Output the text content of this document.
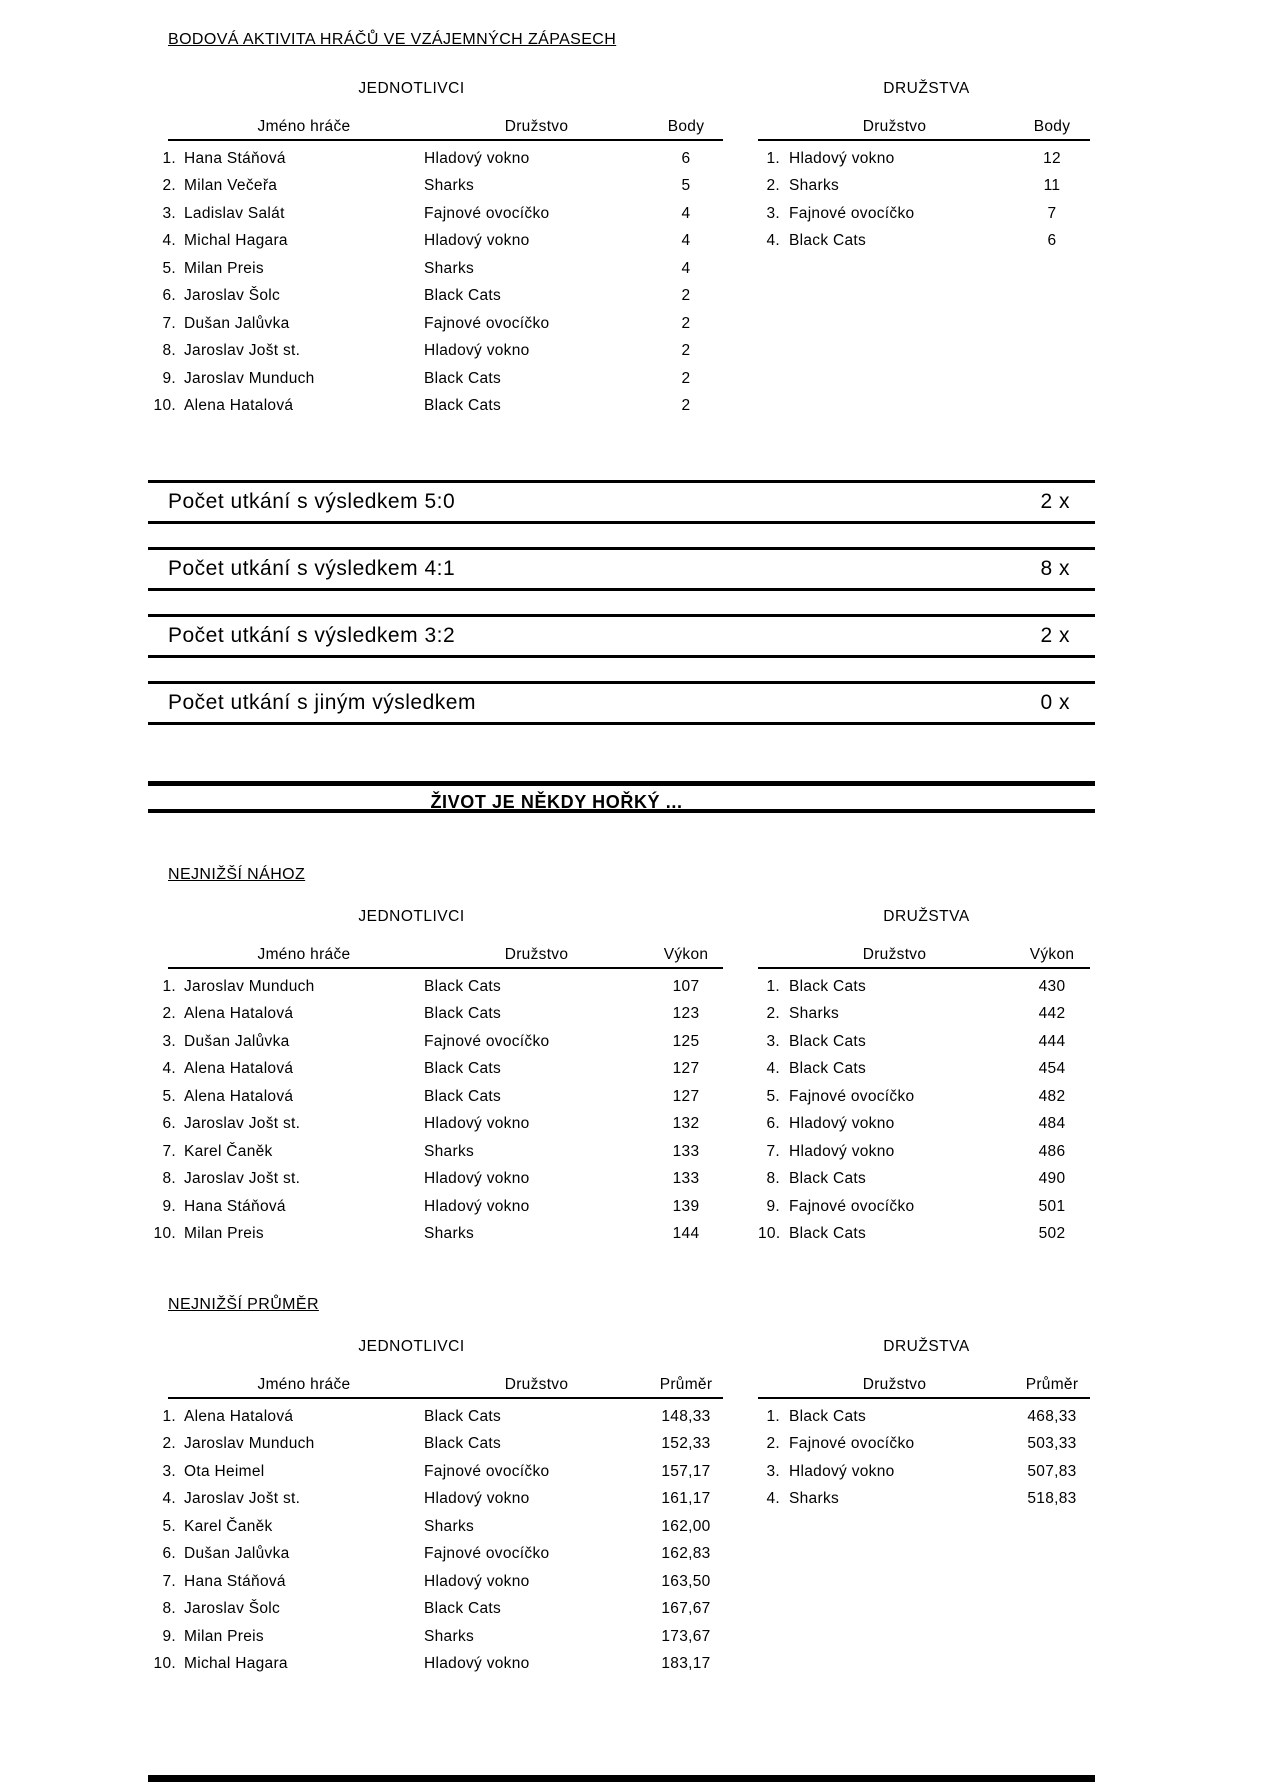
BODOVÁ AKTIVITA HRÁČŮ VE VZÁJEMNÝCH ZÁPASECH
JEDNOTLIVCI	DRUŽSTVA
Jméno hráče	Družstvo	Body
1. Hana Stáňová	Hladový vokno	6
2. Milan Večeřa	Sharks	5
3. Ladislav Salát	Fajnové ovocíčko	4
4. Michal Hagara	Hladový vokno	4
5. Milan Preis	Sharks	4
6. Jaroslav Šolc	Black Cats	2
7. Dušan Jalůvka	Fajnové ovocíčko	2
8. Jaroslav Jošt st.	Hladový vokno	2
9. Jaroslav Munduch	Black Cats	2
10. Alena Hatalová	Black Cats	2
Družstvo	Body
1. Hladový vokno	12
2. Sharks	11
3. Fajnové ovocíčko	7
4. Black Cats	6
Počet utkání s výsledkem 5:0	2 x
Počet utkání s výsledkem 4:1	8 x
Počet utkání s výsledkem 3:2	2 x
Počet utkání s jiným výsledkem	0 x
ŽIVOT JE NĚKDY HOŘKÝ ...
NEJNIŽŠÍ NÁHOZ
JEDNOTLIVCI	DRUŽSTVA
Jméno hráče	Družstvo	Výkon
1. Jaroslav Munduch	Black Cats	107
2. Alena Hatalová	Black Cats	123
3. Dušan Jalůvka	Fajnové ovocíčko	125
4. Alena Hatalová	Black Cats	127
5. Alena Hatalová	Black Cats	127
6. Jaroslav Jošt st.	Hladový vokno	132
7. Karel Čaněk	Sharks	133
8. Jaroslav Jošt st.	Hladový vokno	133
9. Hana Stáňová	Hladový vokno	139
10. Milan Preis	Sharks	144
Družstvo	Výkon
1. Black Cats	430
2. Sharks	442
3. Black Cats	444
4. Black Cats	454
5. Fajnové ovocíčko	482
6. Hladový vokno	484
7. Hladový vokno	486
8. Black Cats	490
9. Fajnové ovocíčko	501
10. Black Cats	502
NEJNIŽŠÍ PRŮMĚR
JEDNOTLIVCI	DRUŽSTVA
Jméno hráče	Družstvo	Průměr
1. Alena Hatalová	Black Cats	148,33
2. Jaroslav Munduch	Black Cats	152,33
3. Ota Heimel	Fajnové ovocíčko	157,17
4. Jaroslav Jošt st.	Hladový vokno	161,17
5. Karel Čaněk	Sharks	162,00
6. Dušan Jalůvka	Fajnové ovocíčko	162,83
7. Hana Stáňová	Hladový vokno	163,50
8. Jaroslav Šolc	Black Cats	167,67
9. Milan Preis	Sharks	173,67
10. Michal Hagara	Hladový vokno	183,17
Družstvo	Průměr
1. Black Cats	468,33
2. Fajnové ovocíčko	503,33
3. Hladový vokno	507,83
4. Sharks	518,83
